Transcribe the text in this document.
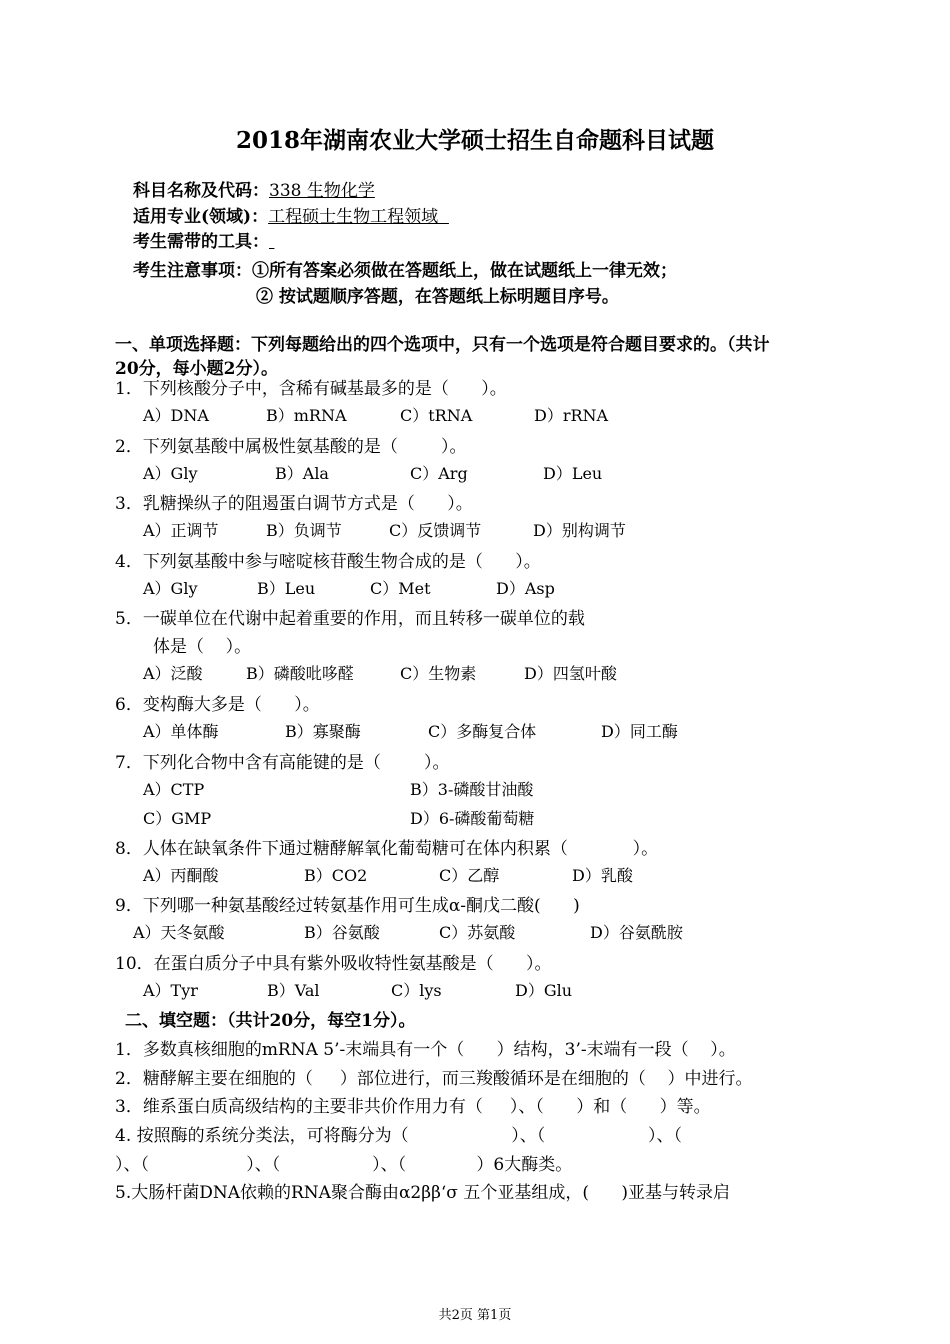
2018年湖南农业大学硕士招生自命题科目试题
科目名称及代码：338 生物化学
适用专业(领域)：工程硕士生物工程领域
考生需带的工具：
考生注意事项：①所有答案必须做在答题纸上，做在试题纸上一律无效；
② 按试题顺序答题，在答题纸上标明题目序号。
一、单项选择题：下列每题给出的四个选项中，只有一个选项是符合题目要求的。（共计
20分，每小题2分）。
1．下列核酸分子中，含稀有碱基最多的是（      ）。
A）DNA	B）mRNA	C）tRNA	D）rRNA
2．下列氨基酸中属极性氨基酸的是（        ）。
A）Gly	B）Ala	C）Arg	D）Leu
3．乳糖操纵子的阻遏蛋白调节方式是（      ）。
A）正调节	B）负调节	C）反馈调节	D）别构调节
4．下列氨基酸中参与嘧啶核苷酸生物合成的是（      ）。
A）Gly	B）Leu	C）Met	D）Asp
5．一碳单位在代谢中起着重要的作用，而且转移一碳单位的载
体是（    ）。
A）泛酸	B）磷酸吡哆醛	C）生物素	D）四氢叶酸
6．变构酶大多是（      ）。
A）单体酶	B）寡聚酶	C）多酶复合体	D）同工酶
7．下列化合物中含有高能键的是（        ）。
A）CTP	B）3-磷酸甘油酸
C）GMP	D）6-磷酸葡萄糖
8．人体在缺氧条件下通过糖酵解氧化葡萄糖可在体内积累（            ）。
A）丙酮酸	B）CO2	C）乙醇	D）乳酸
9．下列哪一种氨基酸经过转氨基作用可生成α-酮戊二酸(      )
A）天冬氨酸	B）谷氨酸	C）苏氨酸	D）谷氨酰胺
10．在蛋白质分子中具有紫外吸收特性氨基酸是（      ）。
A）Tyr	B）Val	C）lys	D）Glu
二、填空题：（共计20分，每空1分）。
1．多数真核细胞的mRNA 5’-末端具有一个（      ）结构，3’-末端有一段（    ）。
2．糖酵解主要在细胞的（     ）部位进行，而三羧酸循环是在细胞的（    ）中进行。
3．维系蛋白质高级结构的主要非共价作用力有（     ）、（      ）和（      ）等。
4. 按照酶的系统分类法，可将酶分为（                   ）、（                   ）、（
）、（                  ）、（                 ）、（             ）6大酶类。
5.大肠杆菌DNA依赖的RNA聚合酶由α2ββ‘σ 五个亚基组成，(      )亚基与转录启
共2页 第1页
